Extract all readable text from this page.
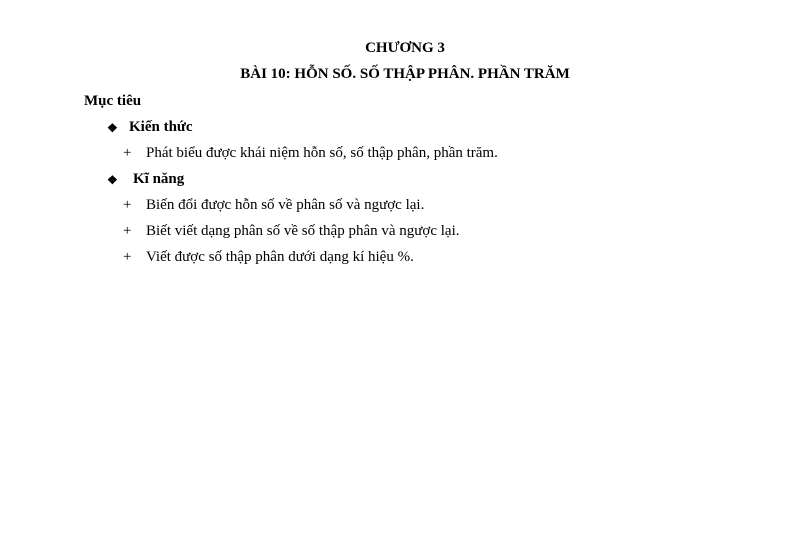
CHƯƠNG 3
BÀI 10: HỖN SỐ. SỐ THẬP PHÂN. PHẦN TRĂM
Mục tiêu
❖ Kiến thức
+ Phát biểu được khái niệm hỗn số, số thập phân, phần trăm.
❖ Kĩ năng
+ Biến đổi được hỗn số về phân số và ngược lại.
+ Biết viết dạng phân số về số thập phân và ngược lại.
+ Viết được số thập phân dưới dạng kí hiệu %.
